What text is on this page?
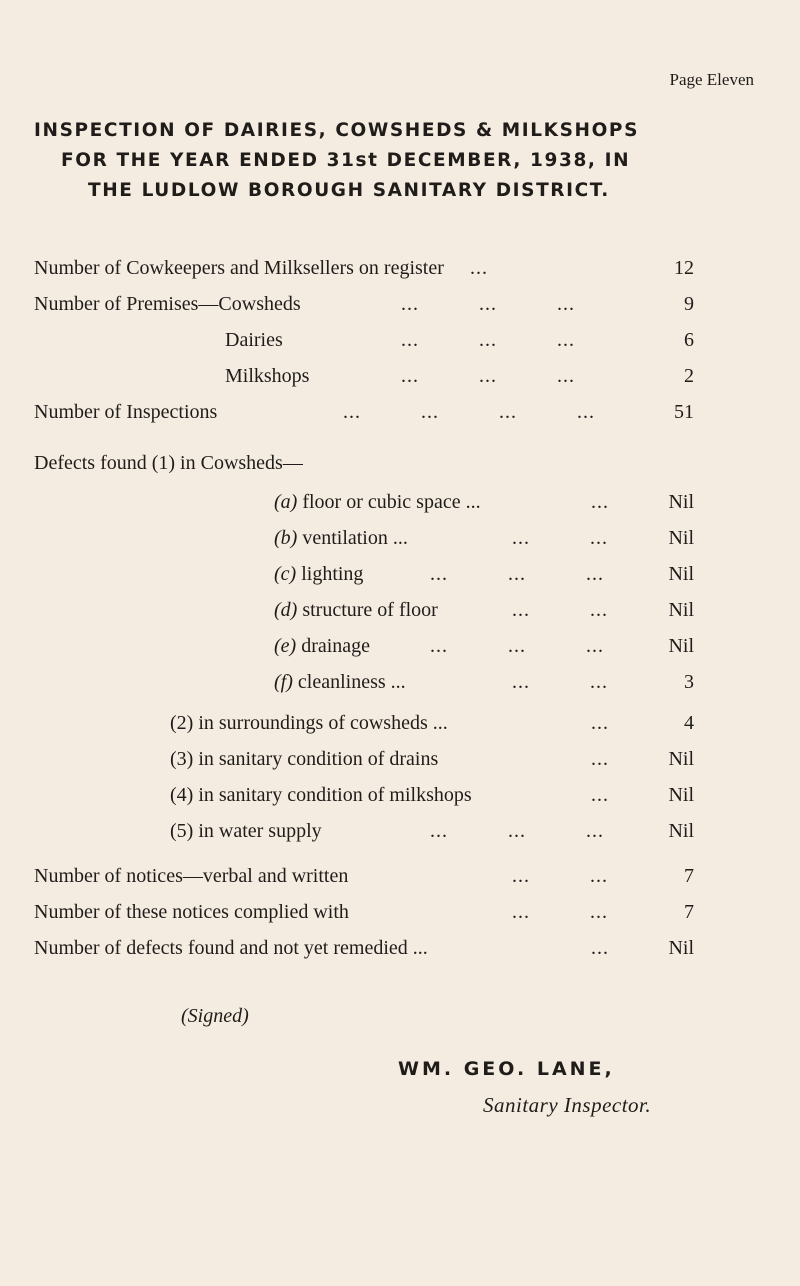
Page Eleven
INSPECTION OF DAIRIES, COWSHEDS & MILKSHOPS
FOR THE YEAR ENDED 31st DECEMBER, 1938, IN
THE LUDLOW BOROUGH SANITARY DISTRICT.
Number of Cowkeepers and Milksellers on register ...	12
Number of Premises—Cowsheds	...          ...          ...	9
Dairies	...          ...          ...	6
Milkshops	...          ...          ...	2
Number of Inspections	...          ...          ...          ...	51
Defects found (1) in Cowsheds—
(a) floor or cubic space ...	...	Nil
(b) ventilation ...	...          ...	Nil
(c) lighting	...          ...          ...	Nil
(d) structure of floor	...          ...	Nil
(e) drainage	...          ...          ...	Nil
(f) cleanliness ...	...          ...	3
(2) in surroundings of cowsheds ...	...	4
(3) in sanitary condition of drains	...	Nil
(4) in sanitary condition of milkshops	...	Nil
(5) in water supply	...          ...          ...	Nil
Number of notices—verbal and written	...          ...	7
Number of these notices complied with	...          ...	7
Number of defects found and not yet remedied ...	...	Nil
(Signed)
WM. GEO. LANE,
Sanitary Inspector.
